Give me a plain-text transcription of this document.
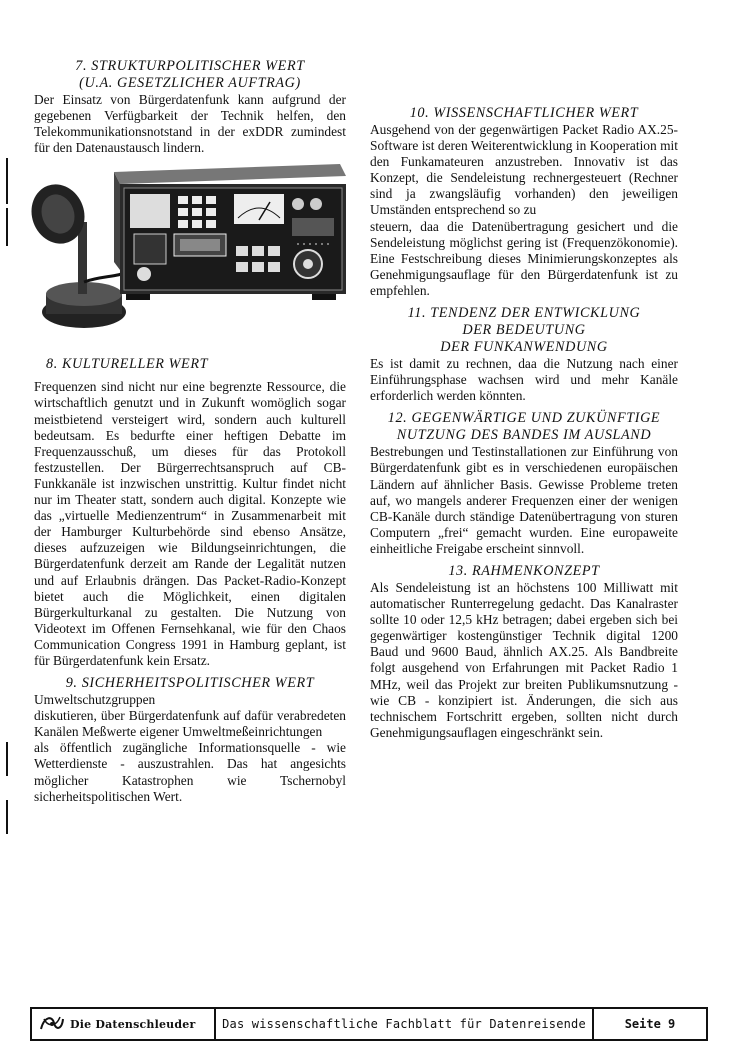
7. STRUKTURPOLITISCHER WERT
(U.A. GESETZLICHER AUFTRAG)

Der Einsatz von Bürgerdatenfunk kann aufgrund der gegebenen Verfügbarkeit der Technik helfen, den Telekommunikationsnotstand in der exDDR zumindest für den Datenaustausch lindern.

8. KULTURELLER WERT

Frequenzen sind nicht nur eine begrenzte Ressource, die wirtschaftlich genutzt und in Zukunft womöglich sogar meistbietend versteigert wird, sondern auch kulturell bedeutsam. Es bedurfte einer heftigen Debatte im Frequenzausschuß, um dieses für das Protokoll festzustellen. Der Bürgerrechtsanspruch auf CB-Funkkanäle ist inzwischen unstrittig. Kultur findet nicht nur im Theater statt, sondern auch digital. Konzepte wie das „virtuelle Medienzentrum“ in Zusammenarbeit mit der Hamburger Kulturbehörde sind ebenso Ansätze, dieses aufzuzeigen wie Bildungseinrichtungen, die Bürgerdatenfunk derzeit am Rande der Legalität nutzen und auf Erlaubnis drängen. Das Packet-Radio-Konzept bietet auch die Möglichkeit, einen digitalen Bürgerkulturkanal zu gestalten. Die Nutzung von Videotext im Offenen Fernsehkanal, wie für den Chaos Communication Congress 1991 in Hamburg geplant, ist für Bürgerdatenfunk kein Ersatz.

9. SICHERHEITSPOLITISCHER WERT

Umweltschutzgruppen

diskutieren, über Bürgerdatenfunk auf dafür verabredeten Kanälen Meßwerte eigener Umweltmeßeinrichtungen

als öffentlich zugängliche Informationsquelle - wie Wetterdienste - auszustrahlen. Das hat angesichts möglicher Katastrophen wie Tschernobyl sicherheitspolitischen Wert.

10. WISSENSCHAFTLICHER WERT

Ausgehend von der gegenwärtigen Packet Radio AX.25-Software ist deren Weiterentwicklung in Kooperation mit den Funkamateuren anzustreben. Innovativ ist das Konzept, die Sendeleistung rechnergesteuert (Rechner sind ja zwangsläufig vorhanden) den jeweiligen Umständen entsprechend so zu

steuern, daa die Datenübertragung gesichert und die Sendeleistung möglichst gering ist (Frequenzökonomie). Eine Festschreibung dieses Minimierungskonzeptes als Genehmigungsauflage für den Bürgerdatenfunk ist zu empfehlen.

11. TENDENZ DER ENTWICKLUNG
DER BEDEUTUNG
DER FUNKANWENDUNG

Es ist damit zu rechnen, daa die Nutzung nach einer Einführungsphase wachsen wird und mehr Kanäle erforderlich werden könnten.

12. GEGENWÄRTIGE UND ZUKÜNFTIGE
NUTZUNG DES BANDES IM AUSLAND

Bestrebungen und Testinstallationen zur Einführung von Bürgerdatenfunk gibt es in verschiedenen europäischen Ländern auf ähnlicher Basis. Gewisse Probleme treten auf, wo mangels anderer Frequenzen einer der wenigen CB-Kanäle durch ständige Datenübertragung von sturen Computern „frei“ gemacht wurden. Eine europaweite einheitliche Freigabe erscheint sinnvoll.

13. RAHMENKONZEPT

Als Sendeleistung ist an höchstens 100 Milliwatt mit automatischer Runterregelung gedacht. Das Kanalraster sollte 10 oder 12,5 kHz betragen; dabei ergeben sich bei gegenwärtiger kostengünstiger Technik digital 1200 Baud und 9600 Baud, ähnlich AX.25. Als Bandbreite folgt ausgehend von Erfahrungen mit Packet Radio 1 MHz, weil das Projekt zur breiten Publikumsnutzung - wie CB - konzipiert ist. Änderungen, die sich aus technischem Fortschritt ergeben, sollten nicht durch Genehmigungsauflagen eingeschränkt sein.

Die Datenschleuder	Das wissenschaftliche Fachblatt für Datenreisende	Seite 9
